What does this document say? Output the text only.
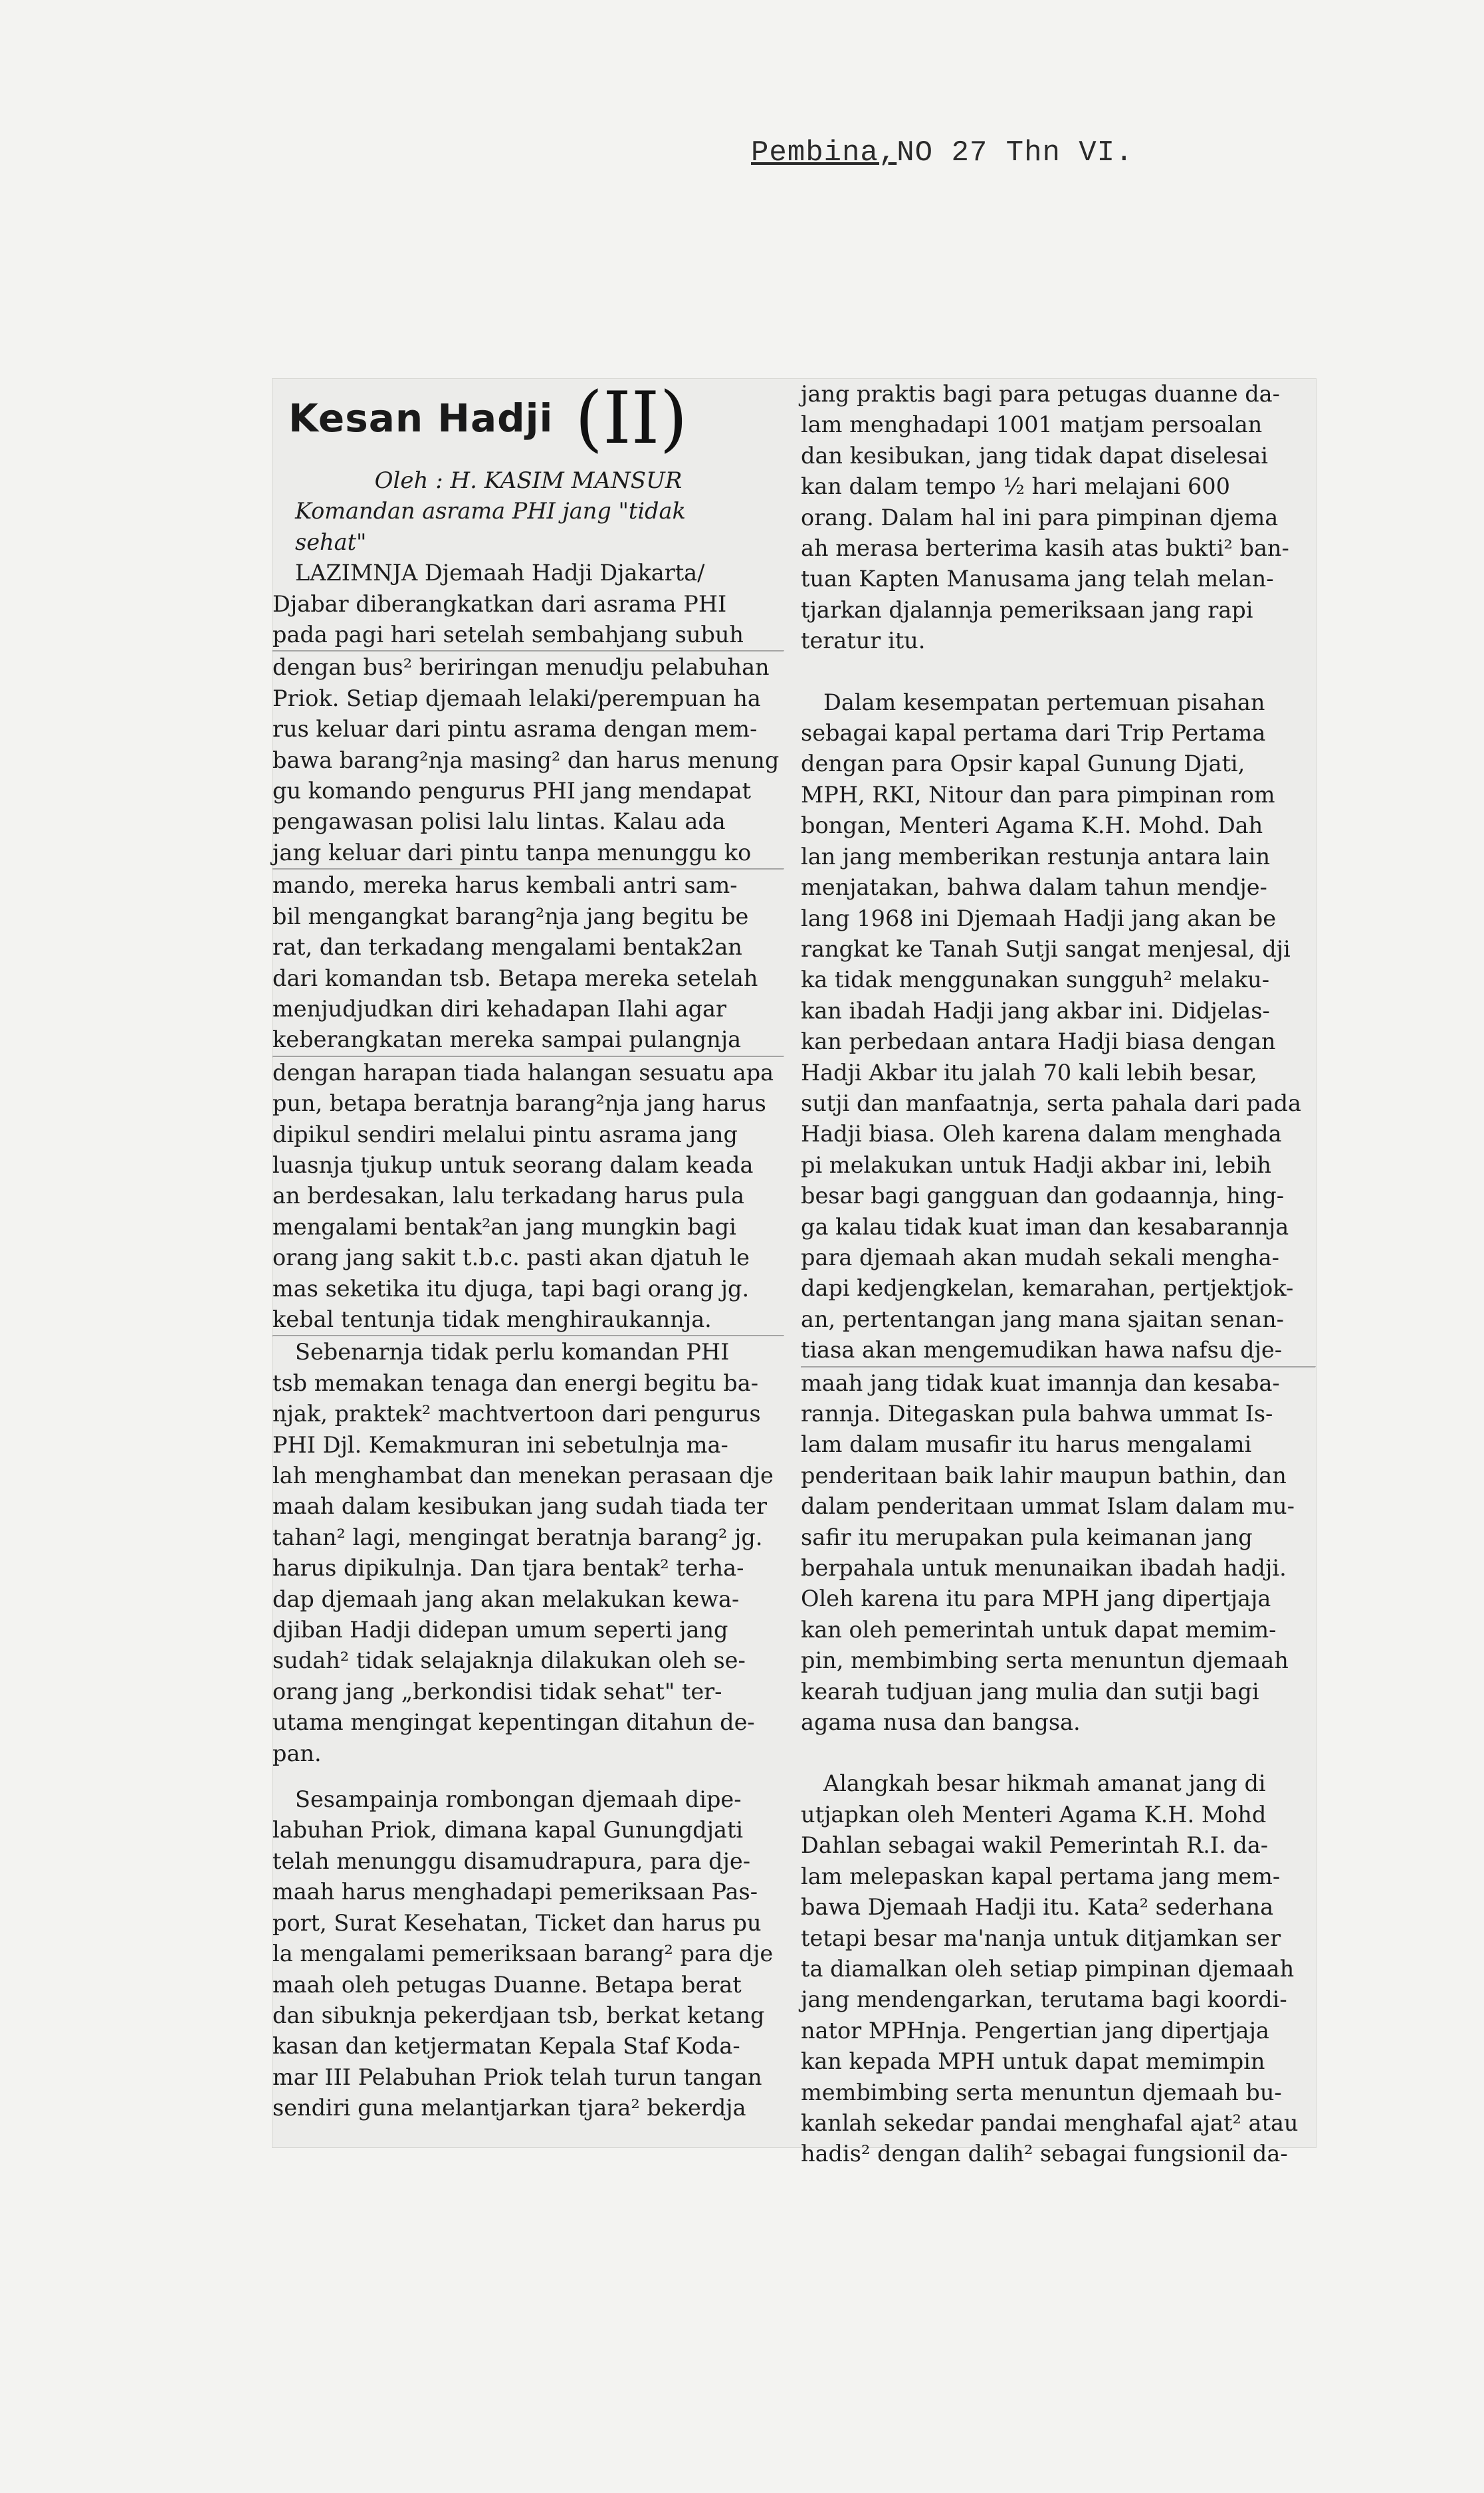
Pembina,NO 27 Thn VI.
Kesan Hadji (II)

Oleh : H. KASIM MANSUR

Komandan asrama PHI jang "tidak

sehat"

LAZIMNJA Djemaah Hadji Djakarta/

Djabar diberangkatkan dari asrama PHI

pada pagi hari setelah sembahjang subuh

dengan bus² beriringan menudju pelabuhan

Priok. Setiap djemaah lelaki/perempuan ha

rus keluar dari pintu asrama dengan mem-

bawa barang²nja masing² dan harus menung

gu komando pengurus PHI jang mendapat

pengawasan polisi lalu lintas. Kalau ada

jang keluar dari pintu tanpa menunggu ko

mando, mereka harus kembali antri sam-

bil mengangkat barang²nja jang begitu be

rat, dan terkadang mengalami bentak2an

dari komandan tsb. Betapa mereka setelah

menjudjudkan diri kehadapan Ilahi agar

keberangkatan mereka sampai pulangnja

dengan harapan tiada halangan sesuatu apa

pun, betapa beratnja barang²nja jang harus

dipikul sendiri melalui pintu asrama jang

luasnja tjukup untuk seorang dalam keada

an berdesakan, lalu terkadang harus pula

mengalami bentak²an jang mungkin bagi

orang jang sakit t.b.c. pasti akan djatuh le

mas seketika itu djuga, tapi bagi orang jg.

kebal tentunja tidak menghiraukannja.

Sebenarnja tidak perlu komandan PHI

tsb memakan tenaga dan energi begitu ba-

njak, praktek² machtvertoon dari pengurus

PHI Djl. Kemakmuran ini sebetulnja ma-

lah menghambat dan menekan perasaan dje

maah dalam kesibukan jang sudah tiada ter

tahan² lagi, mengingat beratnja barang² jg.

harus dipikulnja. Dan tjara bentak² terha-

dap djemaah jang akan melakukan kewa-

djiban Hadji didepan umum seperti jang

sudah² tidak selajaknja dilakukan oleh se-

orang jang „berkondisi tidak sehat" ter-

utama mengingat kepentingan ditahun de-

pan.

Sesampainja rombongan djemaah dipe-

labuhan Priok, dimana kapal Gunungdjati

telah menunggu disamudrapura, para dje-

maah harus menghadapi pemeriksaan Pas-

port, Surat Kesehatan, Ticket dan harus pu

la mengalami pemeriksaan barang² para dje

maah oleh petugas Duanne. Betapa berat

dan sibuknja pekerdjaan tsb, berkat ketang

kasan dan ketjermatan Kepala Staf Koda-

mar III Pelabuhan Priok telah turun tangan

sendiri guna melantjarkan tjara² bekerdja

jang praktis bagi para petugas duanne da-

lam menghadapi 1001 matjam persoalan

dan kesibukan, jang tidak dapat diselesai

kan dalam tempo ½ hari melajani 600

orang. Dalam hal ini para pimpinan djema

ah merasa berterima kasih atas bukti² ban-

tuan Kapten Manusama jang telah melan-

tjarkan djalannja pemeriksaan jang rapi

teratur itu.

Dalam kesempatan pertemuan pisahan

sebagai kapal pertama dari Trip Pertama

dengan para Opsir kapal Gunung Djati,

MPH, RKI, Nitour dan para pimpinan rom

bongan, Menteri Agama K.H. Mohd. Dah

lan jang memberikan restunja antara lain

menjatakan, bahwa dalam tahun mendje-

lang 1968 ini Djemaah Hadji jang akan be

rangkat ke Tanah Sutji sangat menjesal, dji

ka tidak menggunakan sungguh² melaku-

kan ibadah Hadji jang akbar ini. Didjelas-

kan perbedaan antara Hadji biasa dengan

Hadji Akbar itu jalah 70 kali lebih besar,

sutji dan manfaatnja, serta pahala dari pada

Hadji biasa. Oleh karena dalam menghada

pi melakukan untuk Hadji akbar ini, lebih

besar bagi gangguan dan godaannja, hing-

ga kalau tidak kuat iman dan kesabarannja

para djemaah akan mudah sekali mengha-

dapi kedjengkelan, kemarahan, pertjektjok-

an, pertentangan jang mana sjaitan senan-

tiasa akan mengemudikan hawa nafsu dje-

maah jang tidak kuat imannja dan kesaba-

rannja. Ditegaskan pula bahwa ummat Is-

lam dalam musafir itu harus mengalami

penderitaan baik lahir maupun bathin, dan

dalam penderitaan ummat Islam dalam mu-

safir itu merupakan pula keimanan jang

berpahala untuk menunaikan ibadah hadji.

Oleh karena itu para MPH jang dipertjaja

kan oleh pemerintah untuk dapat memim-

pin, membimbing serta menuntun djemaah

kearah tudjuan jang mulia dan sutji bagi

agama nusa dan bangsa.

Alangkah besar hikmah amanat jang di

utjapkan oleh Menteri Agama K.H. Mohd

Dahlan sebagai wakil Pemerintah R.I. da-

lam melepaskan kapal pertama jang mem-

bawa Djemaah Hadji itu. Kata² sederhana

tetapi besar ma'nanja untuk ditjamkan ser

ta diamalkan oleh setiap pimpinan djemaah

jang mendengarkan, terutama bagi koordi-

nator MPHnja. Pengertian jang dipertjaja

kan kepada MPH untuk dapat memimpin

membimbing serta menuntun djemaah bu-

kanlah sekedar pandai menghafal ajat² atau

hadis² dengan dalih² sebagai fungsionil da-
